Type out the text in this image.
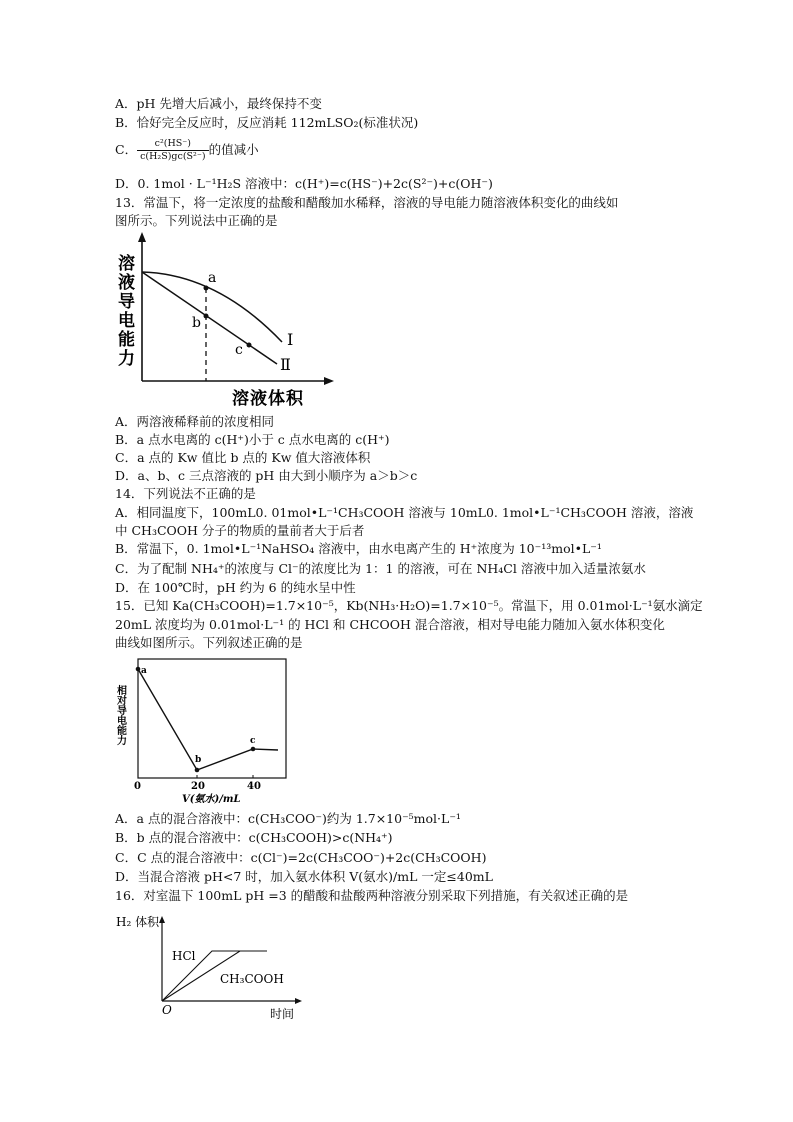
A．pH 先增大后减小，最终保持不变
B．恰好完全反应时，反应消耗 112mLSO₂(标准状况)
C． $\frac{\text{c²(HS⁻)}}{\text{c(H₂S)gc(S²⁻)}}$ 的值减小
D．0. 1mol · L⁻¹H₂S 溶液中：c(H⁺)=c(HS⁻)+2c(S²⁻)+c(OH⁻)
13．常温下，将一定浓度的盐酸和醋酸加水稀释，溶液的导电能力随溶液体积变化的曲线如
图所示。下列说法中正确的是
a
b
c
I
Ⅱ
溶液导电能力
溶液体积
A．两溶液稀释前的浓度相同
B．a 点水电离的 c(H⁺)小于 c 点水电离的 c(H⁺)
C．a 点的 Kw 值比 b 点的 Kw 值大溶液体积
D．a、b、c 三点溶液的 pH 由大到小顺序为 a＞b＞c
14．下列说法不正确的是
A．相同温度下，100mL0. 01mol•L⁻¹CH₃COOH 溶液与 10mL0. 1mol•L⁻¹CH₃COOH 溶液，溶液
中 CH₃COOH 分子的物质的量前者大于后者
B．常温下，0. 1mol•L⁻¹NaHSO₄ 溶液中，由水电离产生的 H⁺浓度为 10⁻¹³mol•L⁻¹
C．为了配制 NH₄⁺的浓度与 Cl⁻的浓度比为 1：1 的溶液，可在 NH₄Cl 溶液中加入适量浓氨水
D．在 100℃时，pH 约为 6 的纯水呈中性
15．已知 Ka(CH₃COOH)=1.7×10⁻⁵，Kb(NH₃·H₂O)=1.7×10⁻⁵。常温下，用 0.01mol·L⁻¹氨水滴定
20mL 浓度均为 0.01mol·L⁻¹ 的 HCl 和 CHCOOH 混合溶液，相对导电能力随加入氨水体积变化
曲线如图所示。下列叙述正确的是
a
b
c
0	20	40
V(氨水)/mL
相对导电能力
A．a 点的混合溶液中：c(CH₃COO⁻)约为 1.7×10⁻⁵mol·L⁻¹
B．b 点的混合溶液中：c(CH₃COOH)>c(NH₄⁺)
C．C 点的混合溶液中：c(Cl⁻)=2c(CH₃COO⁻)+2c(CH₃COOH)
D．当混合溶液 pH<7 时，加入氨水体积 V(氨水)/mL 一定≤40mL
16．对室温下 100mL pH =3 的醋酸和盐酸两种溶液分别采取下列措施，有关叙述正确的是
H₂ 体积
HCl
CH₃COOH
O	时间
